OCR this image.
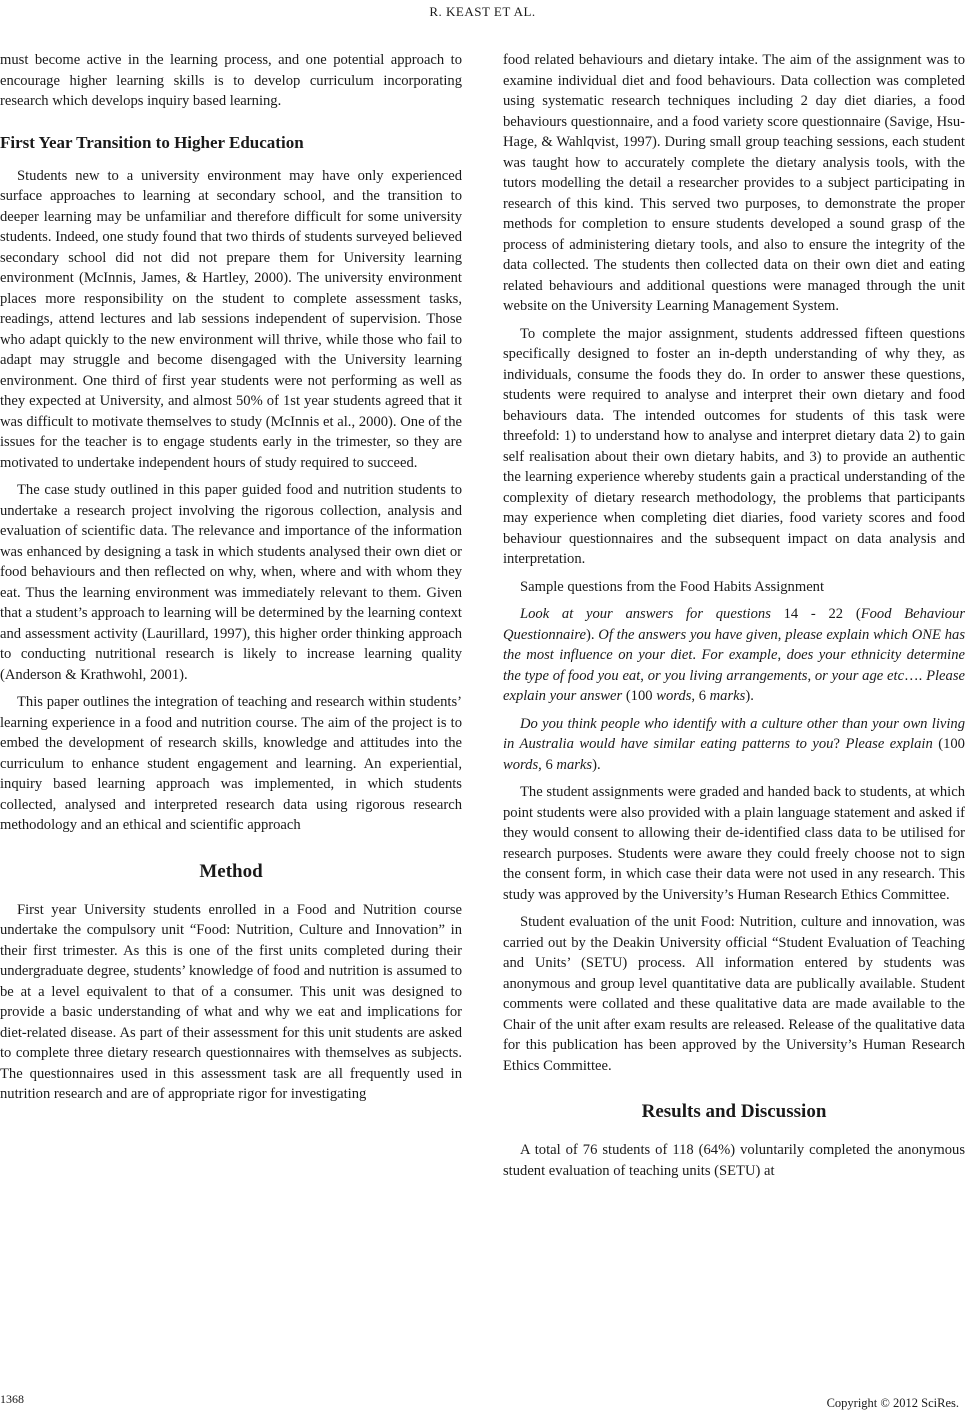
R. KEAST ET AL.

must become active in the learning process, and one potential approach to encourage higher learning skills is to develop curriculum incorporating research which develops inquiry based learning.

First Year Transition to Higher Education

Students new to a university environment may have only experienced surface approaches to learning at secondary school, and the transition to deeper learning may be unfamiliar and therefore difficult for some university students. Indeed, one study found that two thirds of students surveyed believed secondary school did not did not prepare them for University learning environment (McInnis, James, & Hartley, 2000). The university environment places more responsibility on the student to complete assessment tasks, readings, attend lectures and lab sessions independent of supervision. Those who adapt quickly to the new environment will thrive, while those who fail to adapt may struggle and become disengaged with the University learning environment. One third of first year students were not performing as well as they expected at University, and almost 50% of 1st year students agreed that it was difficult to motivate themselves to study (McInnis et al., 2000). One of the issues for the teacher is to engage students early in the trimester, so they are motivated to undertake independent hours of study required to succeed.

The case study outlined in this paper guided food and nutrition students to undertake a research project involving the rigorous collection, analysis and evaluation of scientific data. The relevance and importance of the information was enhanced by designing a task in which students analysed their own diet or food behaviours and then reflected on why, when, where and with whom they eat. Thus the learning environment was immediately relevant to them. Given that a student’s approach to learning will be determined by the learning context and assessment activity (Laurillard, 1997), this higher order thinking approach to conducting nutritional research is likely to increase learning quality (Anderson & Krathwohl, 2001).

This paper outlines the integration of teaching and research within students’ learning experience in a food and nutrition course. The aim of the project is to embed the development of research skills, knowledge and attitudes into the curriculum to enhance student engagement and learning. An experiential, inquiry based learning approach was implemented, in which students collected, analysed and interpreted research data using rigorous research methodology and an ethical and scientific approach

Method

First year University students enrolled in a Food and Nutrition course undertake the compulsory unit “Food: Nutrition, Culture and Innovation” in their first trimester. As this is one of the first units completed during their undergraduate degree, students’ knowledge of food and nutrition is assumed to be at a level equivalent to that of a consumer. This unit was designed to provide a basic understanding of what and why we eat and implications for diet-related disease. As part of their assessment for this unit students are asked to complete three dietary research questionnaires with themselves as subjects. The questionnaires used in this assessment task are all frequently used in nutrition research and are of appropriate rigor for investigating

food related behaviours and dietary intake. The aim of the assignment was to examine individual diet and food behaviours. Data collection was completed using systematic research techniques including 2 day diet diaries, a food behaviours questionnaire, and a food variety score questionnaire (Savige, Hsu-Hage, & Wahlqvist, 1997). During small group teaching sessions, each student was taught how to accurately complete the dietary analysis tools, with the tutors modelling the detail a researcher provides to a subject participating in research of this kind. This served two purposes, to demonstrate the proper methods for completion to ensure students developed a sound grasp of the process of administering dietary tools, and also to ensure the integrity of the data collected. The students then collected data on their own diet and eating related behaviours and additional questions were managed through the unit website on the University Learning Management System.

To complete the major assignment, students addressed fifteen questions specifically designed to foster an in-depth understanding of why they, as individuals, consume the foods they do. In order to answer these questions, students were required to analyse and interpret their own dietary and food behaviours data. The intended outcomes for students of this task were threefold: 1) to understand how to analyse and interpret dietary data 2) to gain self realisation about their own dietary habits, and 3) to provide an authentic the learning experience whereby students gain a practical understanding of the complexity of dietary research methodology, the problems that participants may experience when completing diet diaries, food variety scores and food behaviour questionnaires and the subsequent impact on data analysis and interpretation.

Sample questions from the Food Habits Assignment

Look at your answers for questions 14 - 22 (Food Behaviour Questionnaire). Of the answers you have given, please explain which ONE has the most influence on your diet. For example, does your ethnicity determine the type of food you eat, or you living arrangements, or your age etc…. Please explain your answer (100 words, 6 marks).

Do you think people who identify with a culture other than your own living in Australia would have similar eating patterns to you? Please explain (100 words, 6 marks).

The student assignments were graded and handed back to students, at which point students were also provided with a plain language statement and asked if they would consent to allowing their de-identified class data to be utilised for research purposes. Students were aware they could freely choose not to sign the consent form, in which case their data were not used in any research. This study was approved by the University’s Human Research Ethics Committee.

Student evaluation of the unit Food: Nutrition, culture and innovation, was carried out by the Deakin University official “Student Evaluation of Teaching and Units’ (SETU) process. All information entered by students was anonymous and group level quantitative data are publically available. Student comments were collated and these qualitative data are made available to the Chair of the unit after exam results are released. Release of the qualitative data for this publication has been approved by the University’s Human Research Ethics Committee.

Results and Discussion

A total of 76 students of 118 (64%) voluntarily completed the anonymous student evaluation of teaching units (SETU) at

1368	Copyright © 2012 SciRes.
